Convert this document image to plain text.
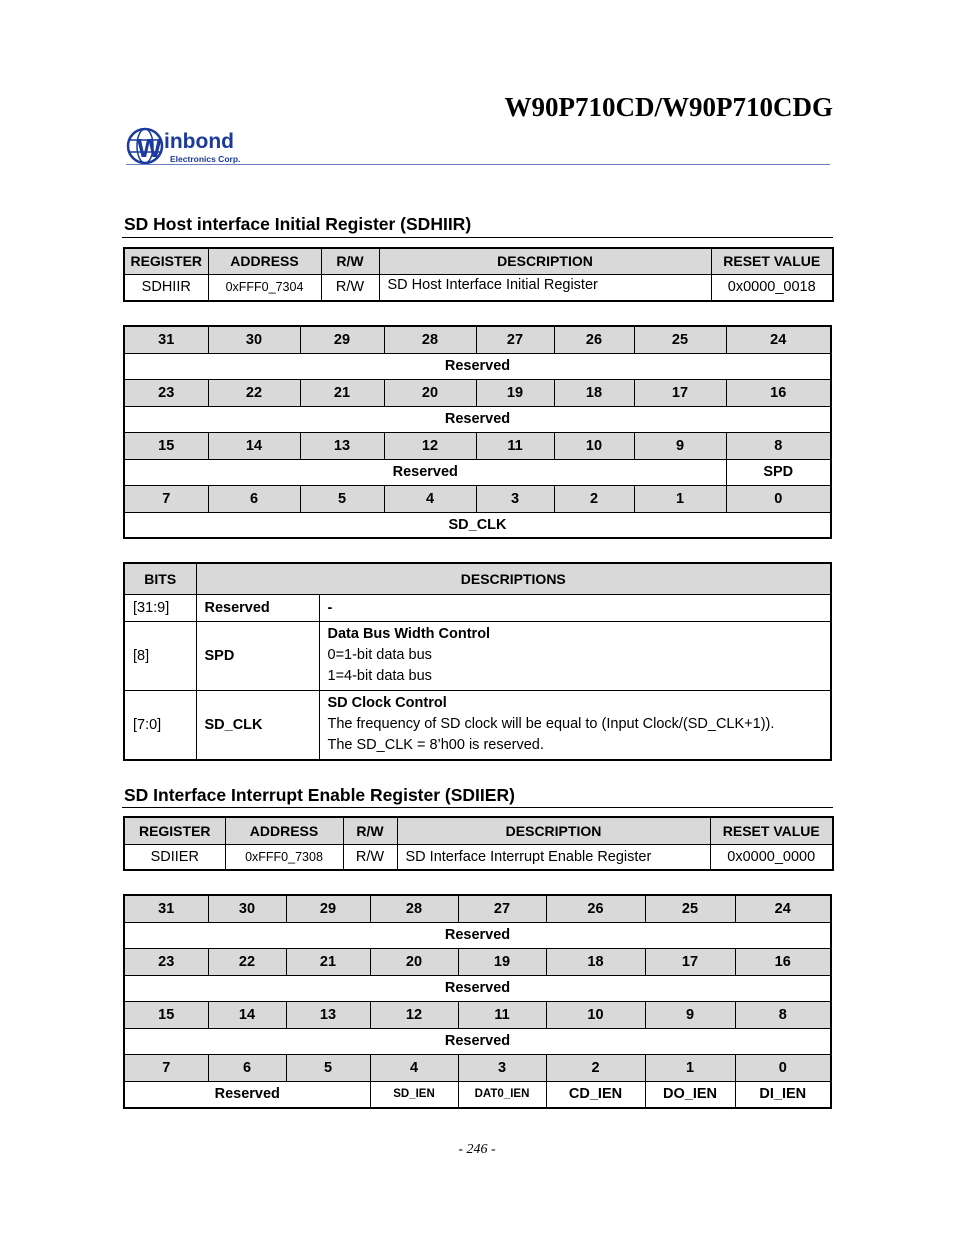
W90P710CD/W90P710CDG
W inbond
Electronics Corp.
SD Host interface Initial Register (SDHIIR)
REGISTER	ADDRESS	R/W	DESCRIPTION	RESET VALUE
SDHIIR	0xFFF0_7304	R/W	SD Host Interface Initial Register	0x0000_0018
31	30	29	28	27	26	25	24
Reserved							
23	22	21	20	19	18	17	16
Reserved							
15	14	13	12	11	10	9	8
Reserved							SPD
7	6	5	4	3	2	1	0
SD_CLK							
BITS	DESCRIPTIONS	
[31:9]	Reserved	-
[8]	SPD	Data Bus Width Control
0=1-bit data bus
1=4-bit data bus

[7:0]	SD_CLK	SD Clock Control
The frequency of SD clock will be equal to (Input Clock/(SD_CLK+1)).
The SD_CLK = 8’h00 is reserved.
SD Interface Interrupt Enable Register (SDIIER)
REGISTER	ADDRESS	R/W	DESCRIPTION	RESET VALUE
SDIIER	0xFFF0_7308	R/W	SD Interface Interrupt Enable Register	0x0000_0000
31	30	29	28	27	26	25	24
Reserved							
23	22	21	20	19	18	17	16
Reserved							
15	14	13	12	11	10	9	8
Reserved							
7	6	5	4	3	2	1	0
Reserved			SD_IEN	DAT0_IEN	CD_IEN	DO_IEN	DI_IEN
- 246 -
